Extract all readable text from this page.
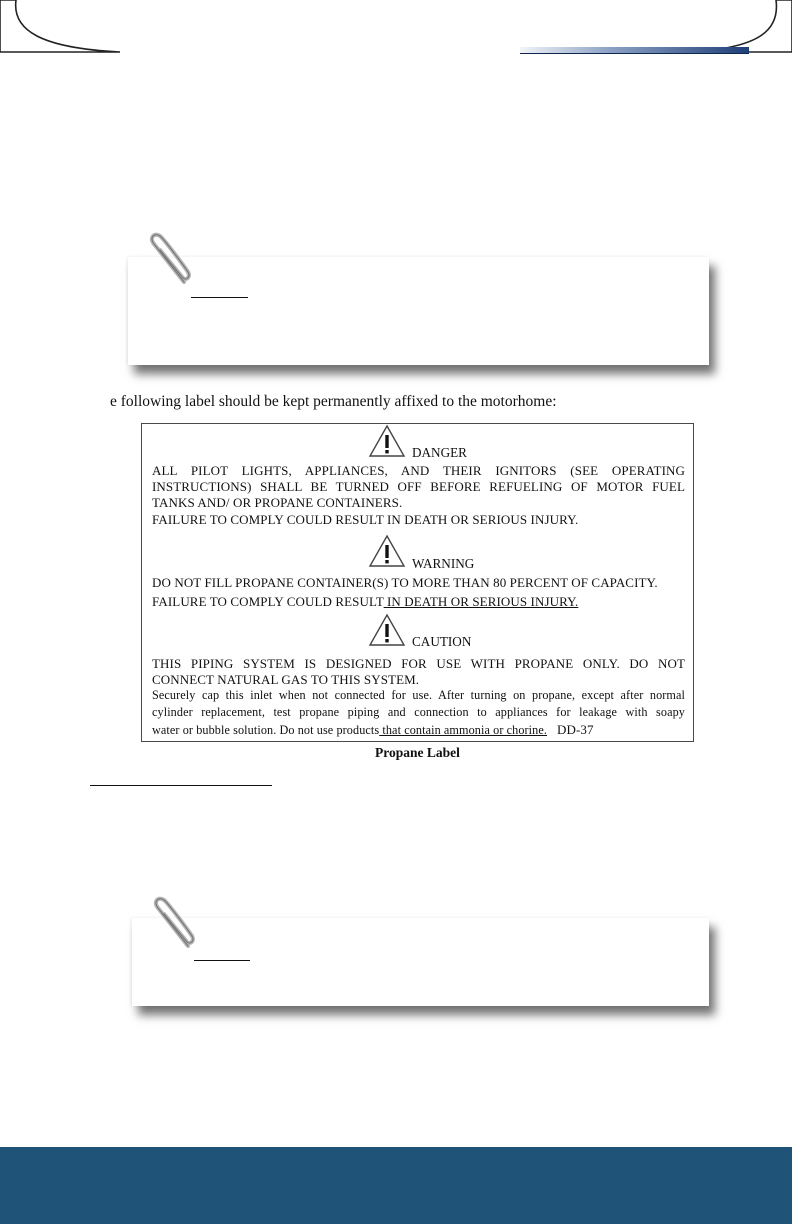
e following label should be kept permanently affixed to the motorhome:
DANGER
ALL PILOT LIGHTS, APPLIANCES, AND THEIR IGNITORS (SEE OPERATING
INSTRUCTIONS) SHALL BE TURNED OFF BEFORE REFUELING OF MOTOR FUEL
TANKS AND/ OR PROPANE CONTAINERS.
FAILURE TO COMPLY COULD RESULT IN DEATH OR SERIOUS INJURY.
WARNING
DO NOT FILL PROPANE CONTAINER(S) TO MORE THAN 80 PERCENT OF CAPACITY.
FAILURE TO COMPLY COULD RESULT IN DEATH OR SERIOUS INJURY.
CAUTION
THIS PIPING SYSTEM IS DESIGNED FOR USE WITH PROPANE ONLY. DO NOT
CONNECT NATURAL GAS TO THIS SYSTEM.
Securely cap this inlet when not connected for use. After turning on propane, except after normal
cylinder replacement, test propane piping and connection to appliances for leakage with soapy
water or bubble solution. Do not use products that contain ammonia or chorine. DD-37
Propane Label
